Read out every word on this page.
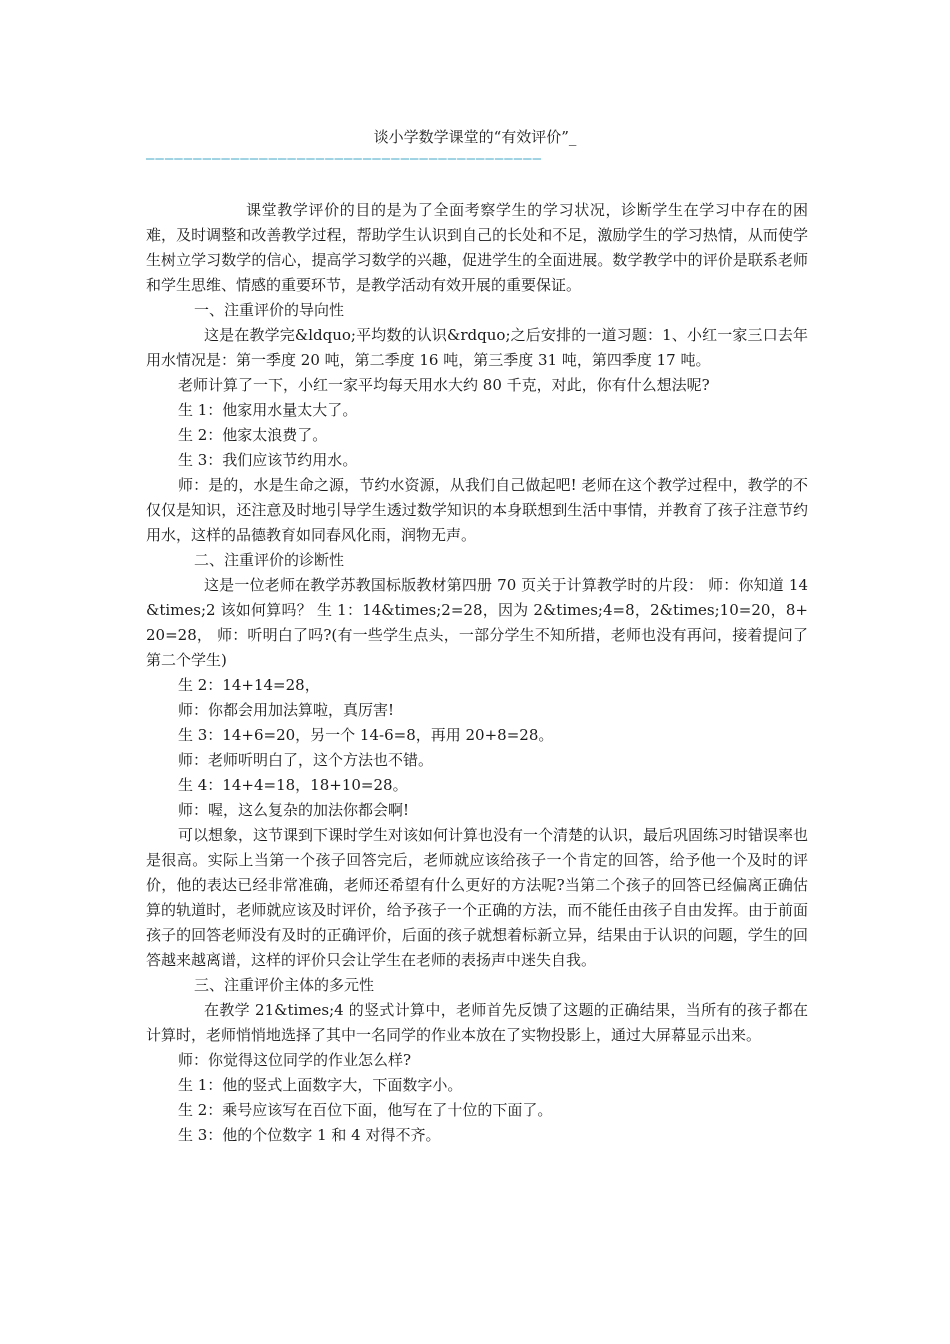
谈小学数学课堂的“有效评价”_
——————————————————————————————————————————

课堂教学评价的目的是为了全面考察学生的学习状况，诊断学生在学习中存在的困难，及时调整和改善教学过程，帮助学生认识到自己的长处和不足，激励学生的学习热情，从而使学生树立学习数学的信心，提高学习数学的兴趣，促进学生的全面进展。数学教学中的评价是联系老师和学生思维、情感的重要环节，是教学活动有效开展的重要保证。

一、注重评价的导向性

这是在教学完&ldquo;平均数的认识&rdquo;之后安排的一道习题：1、小红一家三口去年用水情况是：第一季度 20 吨，第二季度 16 吨，第三季度 31 吨，第四季度 17 吨。

老师计算了一下，小红一家平均每天用水大约 80 千克，对此，你有什么想法呢?

生 1：他家用水量太大了。

生 2：他家太浪费了。

生 3：我们应该节约用水。

师：是的，水是生命之源，节约水资源，从我们自己做起吧! 老师在这个教学过程中，教学的不仅仅是知识，还注意及时地引导学生透过数学知识的本身联想到生活中事情，并教育了孩子注意节约用水，这样的品德教育如同春风化雨，润物无声。

二、注重评价的诊断性

这是一位老师在教学苏教国标版教材第四册 70 页关于计算教学时的片段： 师：你知道 14&times;2 该如何算吗？ 生 1：14&times;2=28，因为 2&times;4=8，2&times;10=20，8+20=28， 师：听明白了吗?(有一些学生点头，一部分学生不知所措，老师也没有再问，接着提问了第二个学生)

生 2：14+14=28，

师：你都会用加法算啦，真厉害!

生 3：14+6=20，另一个 14-6=8，再用 20+8=28。

师：老师听明白了，这个方法也不错。

生 4：14+4=18，18+10=28。

师：喔，这么复杂的加法你都会啊!

可以想象，这节课到下课时学生对该如何计算也没有一个清楚的认识，最后巩固练习时错误率也是很高。实际上当第一个孩子回答完后，老师就应该给孩子一个肯定的回答，给予他一个及时的评价，他的表达已经非常准确，老师还希望有什么更好的方法呢?当第二个孩子的回答已经偏离正确估算的轨道时，老师就应该及时评价，给予孩子一个正确的方法，而不能任由孩子自由发挥。由于前面孩子的回答老师没有及时的正确评价，后面的孩子就想着标新立异，结果由于认识的问题，学生的回答越来越离谱，这样的评价只会让学生在老师的表扬声中迷失自我。

三、注重评价主体的多元性

在教学 21&times;4 的竖式计算中，老师首先反馈了这题的正确结果，当所有的孩子都在计算时，老师悄悄地选择了其中一名同学的作业本放在了实物投影上，通过大屏幕显示出来。

师：你觉得这位同学的作业怎么样?

生 1：他的竖式上面数字大，下面数字小。

生 2：乘号应该写在百位下面，他写在了十位的下面了。

生 3：他的个位数字 1 和 4 对得不齐。
